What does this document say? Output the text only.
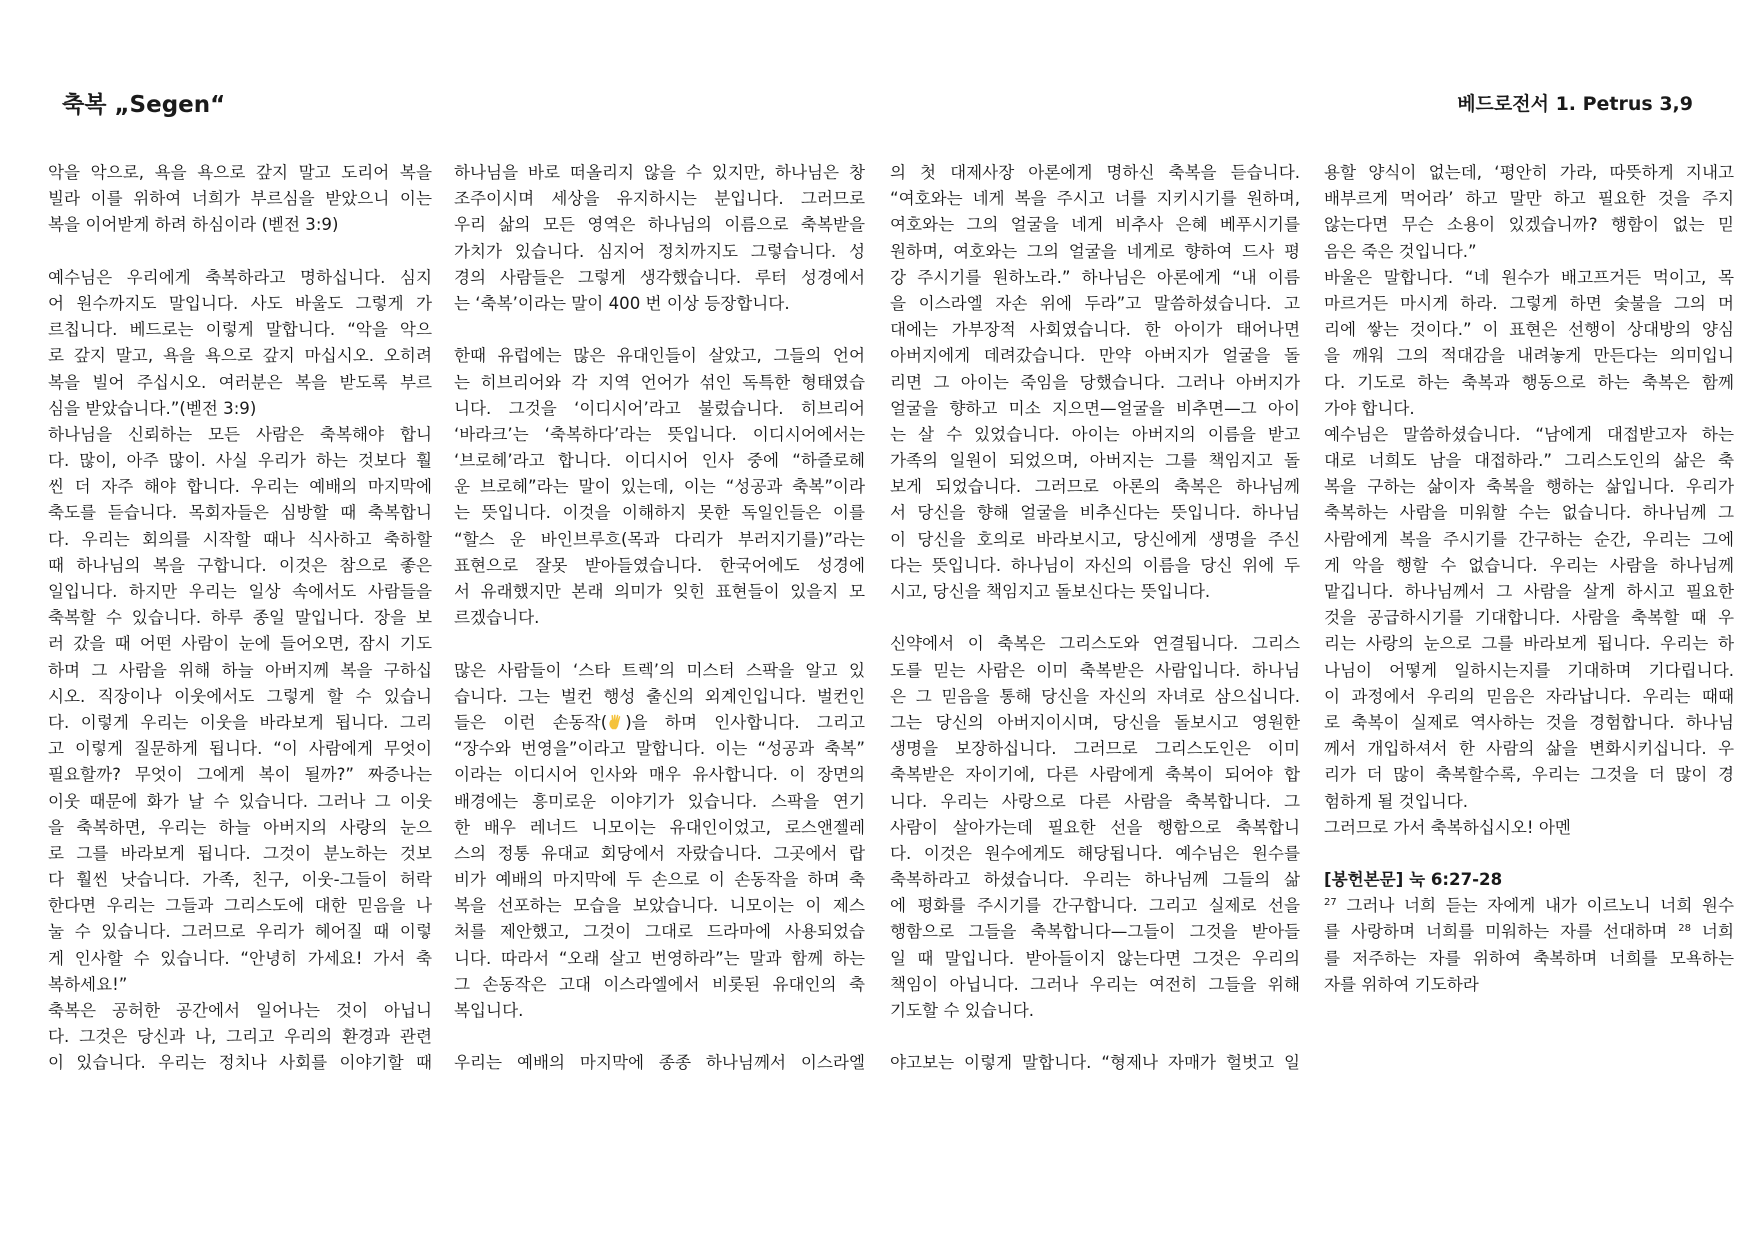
축복 „Segen“	베드로전서 1. Petrus 3,9
악을 악으로, 욕을 욕으로 갚지 말고 도리어 복을
빌라 이를 위하여 너희가 부르심을 받았으니 이는
복을 이어받게 하려 하심이라 (벧전 3:9)
예수님은 우리에게 축복하라고 명하십니다. 심지
어 원수까지도 말입니다. 사도 바울도 그렇게 가
르칩니다. 베드로는 이렇게 말합니다. “악을 악으
로 갚지 말고, 욕을 욕으로 갚지 마십시오. 오히려
복을 빌어 주십시오. 여러분은 복을 받도록 부르
심을 받았습니다.”(벧전 3:9)
하나님을 신뢰하는 모든 사람은 축복해야 합니
다. 많이, 아주 많이. 사실 우리가 하는 것보다 훨
씬 더 자주 해야 합니다. 우리는 예배의 마지막에
축도를 듣습니다. 목회자들은 심방할 때 축복합니
다. 우리는 회의를 시작할 때나 식사하고 축하할
때 하나님의 복을 구합니다. 이것은 참으로 좋은
일입니다. 하지만 우리는 일상 속에서도 사람들을
축복할 수 있습니다. 하루 종일 말입니다. 장을 보
러 갔을 때 어떤 사람이 눈에 들어오면, 잠시 기도
하며 그 사람을 위해 하늘 아버지께 복을 구하십
시오. 직장이나 이웃에서도 그렇게 할 수 있습니
다. 이렇게 우리는 이웃을 바라보게 됩니다. 그리
고 이렇게 질문하게 됩니다. “이 사람에게 무엇이
필요할까? 무엇이 그에게 복이 될까?” 짜증나는
이웃 때문에 화가 날 수 있습니다. 그러나 그 이웃
을 축복하면, 우리는 하늘 아버지의 사랑의 눈으
로 그를 바라보게 됩니다. 그것이 분노하는 것보
다 훨씬 낫습니다. 가족, 친구, 이웃-그들이 허락
한다면 우리는 그들과 그리스도에 대한 믿음을 나
눌 수 있습니다. 그러므로 우리가 헤어질 때 이렇
게 인사할 수 있습니다. “안녕히 가세요! 가서 축
복하세요!”
축복은 공허한 공간에서 일어나는 것이 아닙니
다. 그것은 당신과 나, 그리고 우리의 환경과 관련
이 있습니다. 우리는 정치나 사회를 이야기할 때
하나님을 바로 떠올리지 않을 수 있지만, 하나님은 창
조주이시며 세상을 유지하시는 분입니다. 그러므로
우리 삶의 모든 영역은 하나님의 이름으로 축복받을
가치가 있습니다. 심지어 정치까지도 그렇습니다. 성
경의 사람들은 그렇게 생각했습니다. 루터 성경에서
는 ‘축복’이라는 말이 400 번 이상 등장합니다.
한때 유럽에는 많은 유대인들이 살았고, 그들의 언어
는 히브리어와 각 지역 언어가 섞인 독특한 형태였습
니다. 그것을 ‘이디시어’라고 불렀습니다. 히브리어
‘바라크’는 ‘축복하다’라는 뜻입니다. 이디시어에서는
‘브로헤’라고 합니다. 이디시어 인사 중에 “하즐로헤
운 브로헤”라는 말이 있는데, 이는 “성공과 축복”이라
는 뜻입니다. 이것을 이해하지 못한 독일인들은 이를
“할스 운 바인브루흐(목과 다리가 부러지기를)”라는
표현으로 잘못 받아들였습니다. 한국어에도 성경에
서 유래했지만 본래 의미가 잊힌 표현들이 있을지 모
르겠습니다.
많은 사람들이 ‘스타 트렉’의 미스터 스팍을 알고 있
습니다. 그는 벌컨 행성 출신의 외계인입니다. 벌컨인
들은 이런 손동작( )을 하며 인사합니다. 그리고
“장수와 번영을”이라고 말합니다. 이는 “성공과 축복”
이라는 이디시어 인사와 매우 유사합니다. 이 장면의
배경에는 흥미로운 이야기가 있습니다. 스팍을 연기
한 배우 레너드 니모이는 유대인이었고, 로스앤젤레
스의 정통 유대교 회당에서 자랐습니다. 그곳에서 랍
비가 예배의 마지막에 두 손으로 이 손동작을 하며 축
복을 선포하는 모습을 보았습니다. 니모이는 이 제스
처를 제안했고, 그것이 그대로 드라마에 사용되었습
니다. 따라서 “오래 살고 번영하라”는 말과 함께 하는
그 손동작은 고대 이스라엘에서 비롯된 유대인의 축
복입니다.
우리는 예배의 마지막에 종종 하나님께서 이스라엘
의 첫 대제사장 아론에게 명하신 축복을 듣습니다.
“여호와는 네게 복을 주시고 너를 지키시기를 원하며,
여호와는 그의 얼굴을 네게 비추사 은혜 베푸시기를
원하며, 여호와는 그의 얼굴을 네게로 향하여 드사 평
강 주시기를 원하노라.” 하나님은 아론에게 “내 이름
을 이스라엘 자손 위에 두라”고 말씀하셨습니다. 고
대에는 가부장적 사회였습니다. 한 아이가 태어나면
아버지에게 데려갔습니다. 만약 아버지가 얼굴을 돌
리면 그 아이는 죽임을 당했습니다. 그러나 아버지가
얼굴을 향하고 미소 지으면—얼굴을 비추면—그 아이
는 살 수 있었습니다. 아이는 아버지의 이름을 받고
가족의 일원이 되었으며, 아버지는 그를 책임지고 돌
보게 되었습니다. 그러므로 아론의 축복은 하나님께
서 당신을 향해 얼굴을 비추신다는 뜻입니다. 하나님
이 당신을 호의로 바라보시고, 당신에게 생명을 주신
다는 뜻입니다. 하나님이 자신의 이름을 당신 위에 두
시고, 당신을 책임지고 돌보신다는 뜻입니다.
신약에서 이 축복은 그리스도와 연결됩니다. 그리스
도를 믿는 사람은 이미 축복받은 사람입니다. 하나님
은 그 믿음을 통해 당신을 자신의 자녀로 삼으십니다.
그는 당신의 아버지이시며, 당신을 돌보시고 영원한
생명을 보장하십니다. 그러므로 그리스도인은 이미
축복받은 자이기에, 다른 사람에게 축복이 되어야 합
니다. 우리는 사랑으로 다른 사람을 축복합니다. 그
사람이 살아가는데 필요한 선을 행함으로 축복합니
다. 이것은 원수에게도 해당됩니다. 예수님은 원수를
축복하라고 하셨습니다. 우리는 하나님께 그들의 삶
에 평화를 주시기를 간구합니다. 그리고 실제로 선을
행함으로 그들을 축복합니다—그들이 그것을 받아들
일 때 말입니다. 받아들이지 않는다면 그것은 우리의
책임이 아닙니다. 그러나 우리는 여전히 그들을 위해
기도할 수 있습니다.
야고보는 이렇게 말합니다. “형제나 자매가 헐벗고 일
용할 양식이 없는데, ‘평안히 가라, 따뜻하게 지내고
배부르게 먹어라’ 하고 말만 하고 필요한 것을 주지
않는다면 무슨 소용이 있겠습니까? 행함이 없는 믿
음은 죽은 것입니다.”
바울은 말합니다. “네 원수가 배고프거든 먹이고, 목
마르거든 마시게 하라. 그렇게 하면 숯불을 그의 머
리에 쌓는 것이다.” 이 표현은 선행이 상대방의 양심
을 깨워 그의 적대감을 내려놓게 만든다는 의미입니
다. 기도로 하는 축복과 행동으로 하는 축복은 함께
가야 합니다.
예수님은 말씀하셨습니다. “남에게 대접받고자 하는
대로 너희도 남을 대접하라.” 그리스도인의 삶은 축
복을 구하는 삶이자 축복을 행하는 삶입니다. 우리가
축복하는 사람을 미워할 수는 없습니다. 하나님께 그
사람에게 복을 주시기를 간구하는 순간, 우리는 그에
게 악을 행할 수 없습니다. 우리는 사람을 하나님께
맡깁니다. 하나님께서 그 사람을 살게 하시고 필요한
것을 공급하시기를 기대합니다. 사람을 축복할 때 우
리는 사랑의 눈으로 그를 바라보게 됩니다. 우리는 하
나님이 어떻게 일하시는지를 기대하며 기다립니다.
이 과정에서 우리의 믿음은 자라납니다. 우리는 때때
로 축복이 실제로 역사하는 것을 경험합니다. 하나님
께서 개입하셔서 한 사람의 삶을 변화시키십니다. 우
리가 더 많이 축복할수록, 우리는 그것을 더 많이 경
험하게 될 것입니다.
그러므로 가서 축복하십시오! 아멘
[봉헌본문] 눅 6:27-28
$^{27}$ 그러나 너희 듣는 자에게 내가 이르노니 너희 원수
를 사랑하며 너희를 미워하는 자를 선대하며 $^{28}$ 너희
를 저주하는 자를 위하여 축복하며 너희를 모욕하는
자를 위하여 기도하라
